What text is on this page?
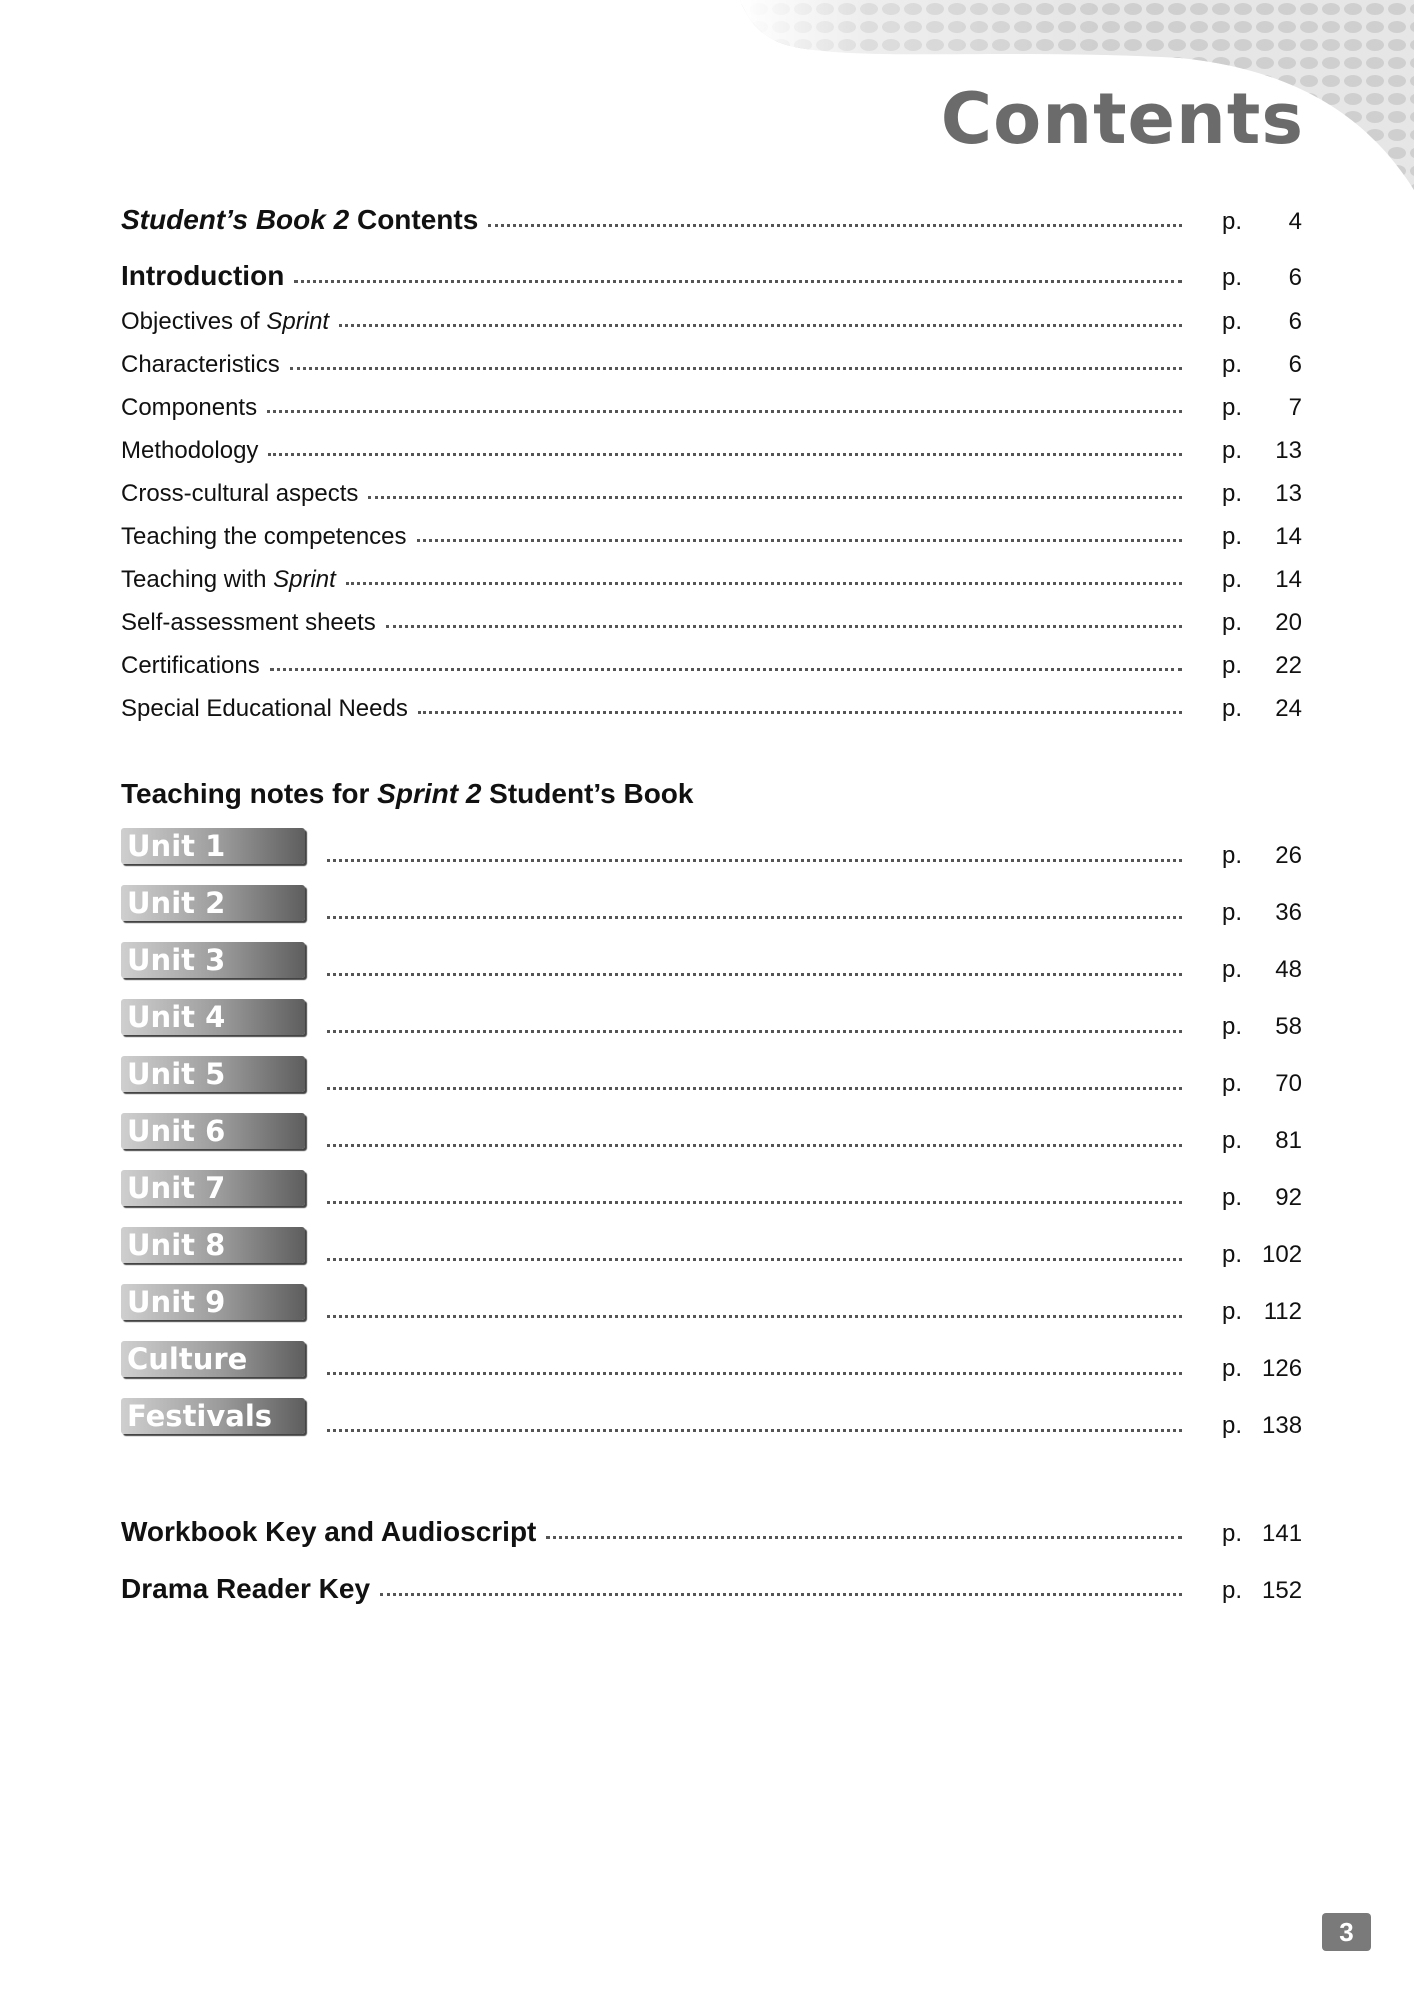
Contents
Student’s Book 2 Contents	p.	4
Introduction	p.	6
Objectives of Sprint	p.	6
Characteristics	p.	6
Components	p.	7
Methodology	p.	13
Cross-cultural aspects	p.	13
Teaching the competences	p.	14
Teaching with Sprint	p.	14
Self-assessment sheets	p.	20
Certifications	p.	22
Special Educational Needs	p.	24
Teaching notes for Sprint 2 Student’s Book
Unit 1	p.	26
Unit 2	p.	36
Unit 3	p.	48
Unit 4	p.	58
Unit 5	p.	70
Unit 6	p.	81
Unit 7	p.	92
Unit 8	p. 102
Unit 9	p. 112
Culture	p. 126
Festivals	p. 138
Workbook Key and Audioscript	p. 141
Drama Reader Key	p. 152
3
